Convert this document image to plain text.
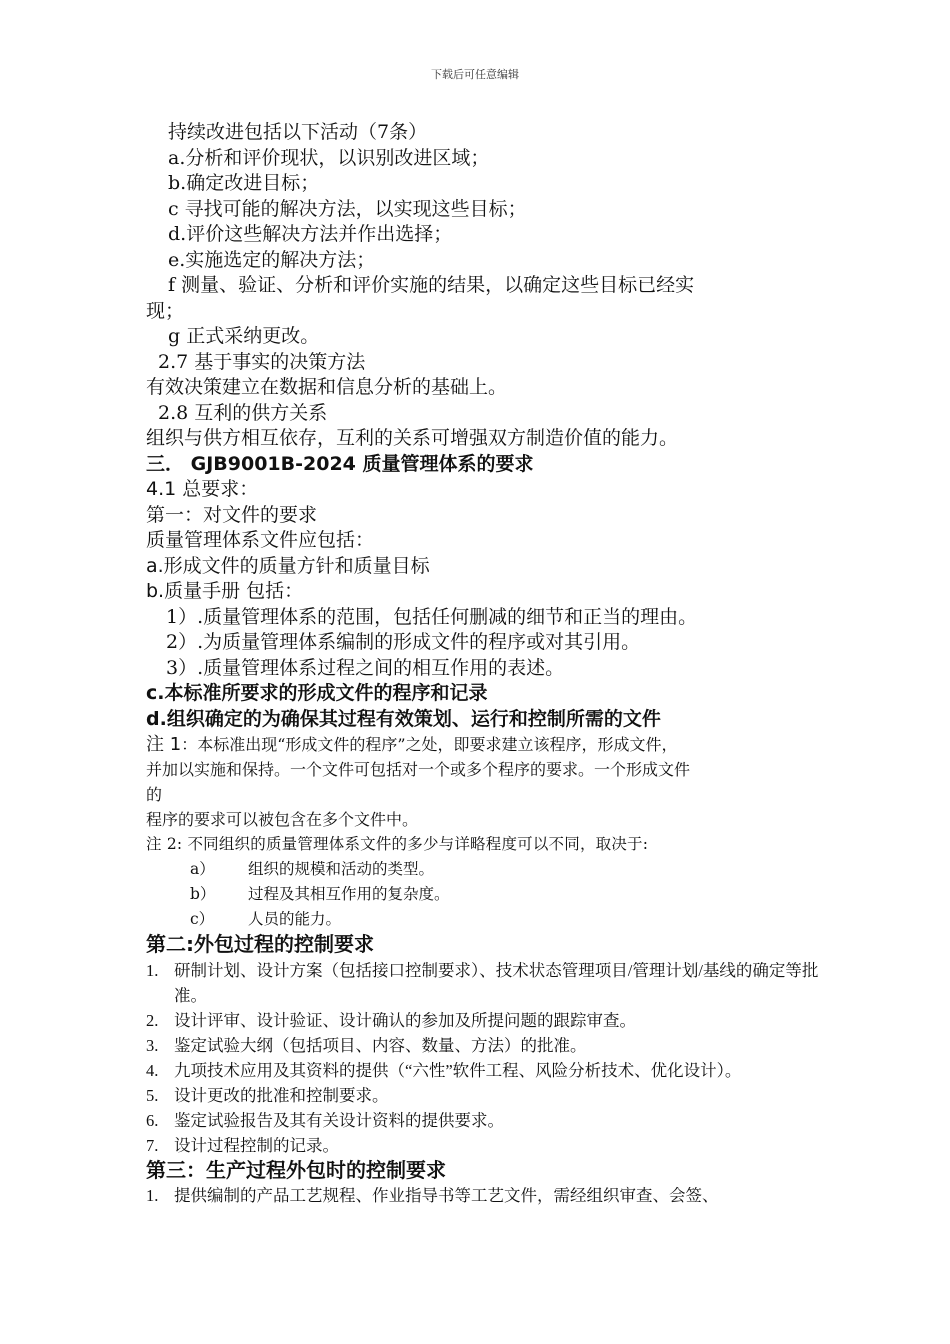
下载后可任意编辑
持续改进包括以下活动（7条）
a.分析和评价现状，以识别改进区域；
b.确定改进目标；
c 寻找可能的解决方法，以实现这些目标；
d.评价这些解决方法并作出选择；
e.实施选定的解决方法；
f 测量、验证、分析和评价实施的结果，以确定这些目标已经实
现；
g 正式采纳更改。
2.7 基于事实的决策方法
有效决策建立在数据和信息分析的基础上。
2.8 互利的供方关系
组织与供方相互依存，互利的关系可增强双方制造价值的能力。
三． GJB9001B-2024 质量管理体系的要求
4.1 总要求：
第一：对文件的要求
质量管理体系文件应包括：
a.形成文件的质量方针和质量目标
b.质量手册 包括：
1）.质量管理体系的范围，包括任何删减的细节和正当的理由。
2）.为质量管理体系编制的形成文件的程序或对其引用。
3）.质量管理体系过程之间的相互作用的表述。
c.本标准所要求的形成文件的程序和记录
d.组织确定的为确保其过程有效策划、运行和控制所需的文件
注 1：本标准出现“形成文件的程序”之处，即要求建立该程序，形成文件，
并加以实施和保持。一个文件可包括对一个或多个程序的要求。一个形成文件
的
程序的要求可以被包含在多个文件中。
注 2: 不同组织的质量管理体系文件的多少与详略程度可以不同，取决于:
a） 组织的规模和活动的类型。
b） 过程及其相互作用的复杂度。
c） 人员的能力。
第二:外包过程的控制要求
1. 研制计划、设计方案（包括接口控制要求）、技术状态管理项目/管理计划/基线的确定等批准。
2. 设计评审、设计验证、设计确认的参加及所提问题的跟踪审查。
3. 鉴定试验大纲（包括项目、内容、数量、方法）的批准。
4. 九项技术应用及其资料的提供（“六性”软件工程、风险分析技术、优化设计）。
5. 设计更改的批准和控制要求。
6. 鉴定试验报告及其有关设计资料的提供要求。
7. 设计过程控制的记录。
第三：生产过程外包时的控制要求
1. 提供编制的产品工艺规程、作业指导书等工艺文件，需经组织审查、会签、
